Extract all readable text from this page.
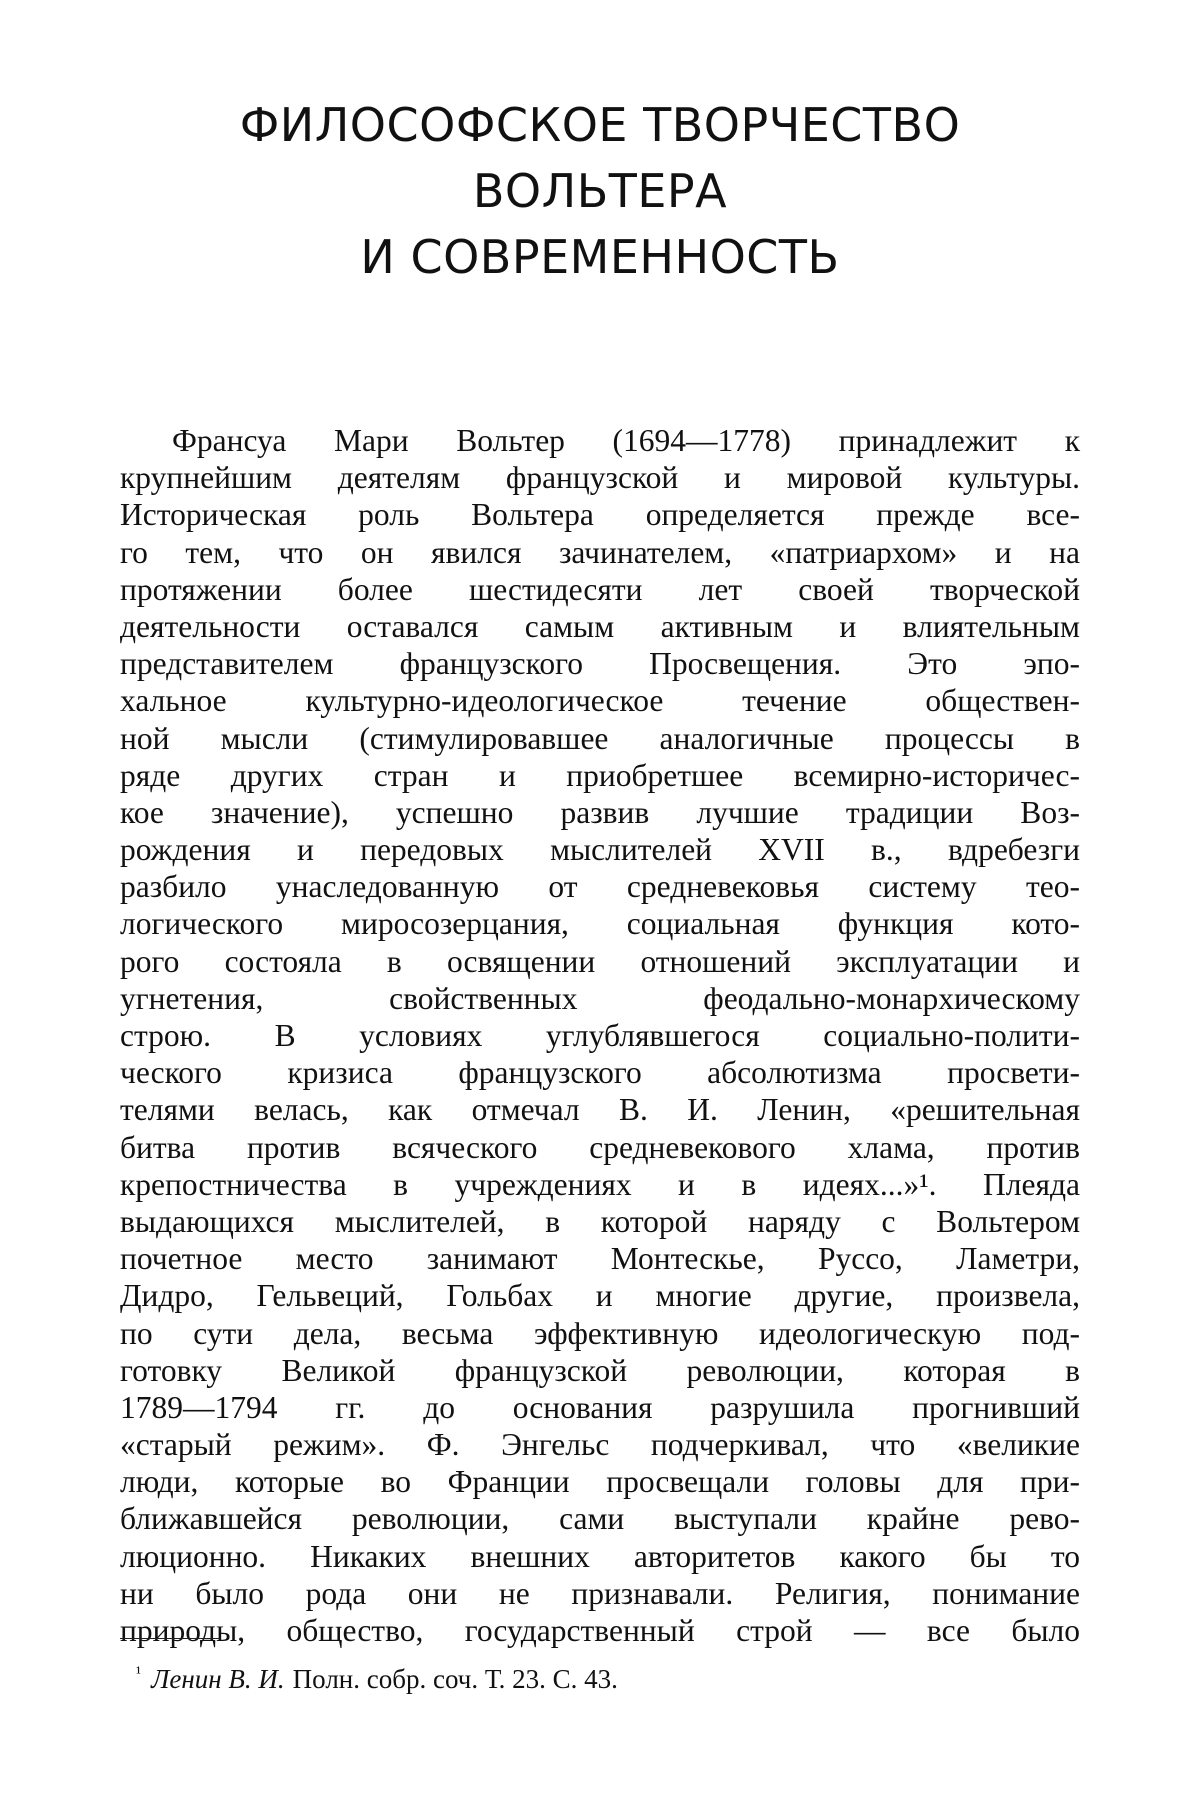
ФИЛОСОФСКОЕ ТВОРЧЕСТВО
ВОЛЬТЕРА
И СОВРЕМЕННОСТЬ
Франсуа Мари Вольтер (1694—1778) принадлежит к
крупнейшим деятелям французской и мировой культуры.
Историческая роль Вольтера определяется прежде все-
го тем, что он явился зачинателем, «патриархом» и на
протяжении более шестидесяти лет своей творческой
деятельности оставался самым активным и влиятельным
представителем французского Просвещения. Это эпо-
хальное культурно-идеологическое течение обществен-
ной мысли (стимулировавшее аналогичные процессы в
ряде других стран и приобретшее всемирно-историчес-
кое значение), успешно развив лучшие традиции Воз-
рождения и передовых мыслителей XVII в., вдребезги
разбило унаследованную от средневековья систему тео-
логического миросозерцания, социальная функция кото-
рого состояла в освящении отношений эксплуатации и
угнетения, свойственных феодально-монархическому
строю. В условиях углублявшегося социально-полити-
ческого кризиса французского абсолютизма просвети-
телями велась, как отмечал В. И. Ленин, «решительная
битва против всяческого средневекового хлама, против
крепостничества в учреждениях и в идеях...»¹. Плеяда
выдающихся мыслителей, в которой наряду с Вольтером
почетное место занимают Монтескье, Руссо, Ламетри,
Дидро, Гельвеций, Гольбах и многие другие, произвела,
по сути дела, весьма эффективную идеологическую под-
готовку Великой французской революции, которая в
1789—1794 гг. до основания разрушила прогнивший
«старый режим». Ф. Энгельс подчеркивал, что «великие
люди, которые во Франции просвещали головы для при-
ближавшейся революции, сами выступали крайне рево-
люционно. Никаких внешних авторитетов какого бы то
ни было рода они не признавали. Религия, понимание
природы, общество, государственный строй — все было
$^{^1}$ Ленин В. И. Полн. собр. соч. Т. 23. С. 43.
